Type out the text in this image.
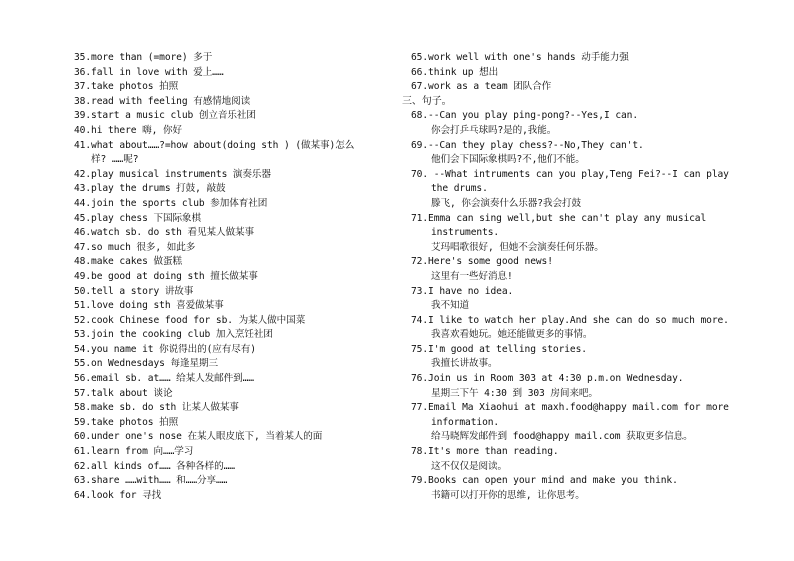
35.more than (=more) 多于
36.fall in love with 爱上……
37.take photos 拍照
38.read with feeling 有感情地阅读
39.start a music club 创立音乐社团
40.hi there 嗨, 你好
41.what about……?=how about(doing sth ) (做某事)怎么
样? ……呢?
42.play musical instruments 演奏乐器
43.play the drums 打鼓, 敲鼓
44.join the sports club 参加体育社团
45.play chess 下国际象棋
46.watch sb. do sth 看见某人做某事
47.so much 很多, 如此多
48.make cakes 做蛋糕
49.be good at doing sth 擅长做某事
50.tell a story 讲故事
51.love doing sth 喜爱做某事
52.cook Chinese food for sb. 为某人做中国菜
53.join the cooking club 加入烹饪社团
54.you name it 你说得出的(应有尽有)
55.on Wednesdays 每逢星期三
56.email sb. at…… 给某人发邮件到……
57.talk about 谈论
58.make sb. do sth 让某人做某事
59.take photos 拍照
60.under one's nose 在某人眼皮底下, 当着某人的面
61.learn from 向……学习
62.all kinds of…… 各种各样的……
63.share ……with…… 和……分享……
64.look for 寻找
65.work well with one's hands 动手能力强
66.think up 想出
67.work as a team 团队合作
三、句子。
68.--Can you play ping-pong?--Yes,I can.
你会打乒乓球吗?是的,我能。
69.--Can they play chess?--No,They can't.
他们会下国际象棋吗?不,他们不能。
70. --What intruments can you play,Teng Fei?--I can play
the drums.
滕飞, 你会演奏什么乐器?我会打鼓
71.Emma can sing well,but she can't play any musical
instruments.
艾玛唱歌很好, 但她不会演奏任何乐器。
72.Here's some good news!
这里有一些好消息!
73.I have no idea.
我不知道
74.I like to watch her play.And she can do so much more.
我喜欢看她玩。她还能做更多的事情。
75.I'm good at telling stories.
我擅长讲故事。
76.Join us in Room 303 at 4:30 p.m.on Wednesday.
星期三下午 4:30 到 303 房间来吧。
77.Email Ma Xiaohui at maxh.food@happy mail.com for more
information.
给马晓辉发邮件到 food@happy mail.com 获取更多信息。
78.It's more than reading.
这不仅仅是阅读。
79.Books can open your mind and make you think.
书籍可以打开你的思维, 让你思考。
